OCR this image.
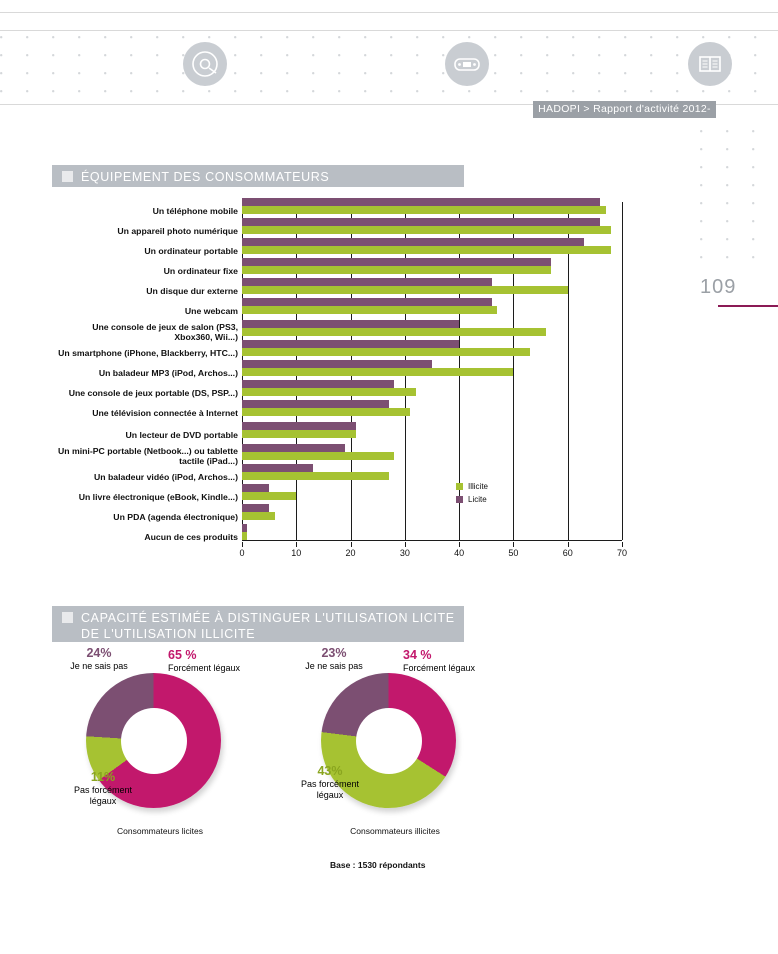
HADOPI > Rapport d'activité 2012-2013
109
ÉQUIPEMENT DES CONSOMMATEURS
Un téléphone mobile
Un appareil photo numérique
Un ordinateur portable
Un ordinateur fixe
Un disque dur externe
Une webcam
Une console de jeux de salon (PS3, Xbox360, Wii...)
Un smartphone (iPhone, Blackberry, HTC...)
Un baladeur MP3 (iPod, Archos...)
Une console de jeux portable (DS, PSP...)
Une télévision connectée à Internet
Un lecteur de DVD portable
Un mini-PC portable (Netbook...) ou tablette tactile (iPad...)
Un baladeur vidéo (iPod, Archos...)
Un livre électronique (eBook, Kindle...)
Un PDA (agenda électronique)
Aucun de ces produits
0	10	20	30	40	50	60	70
Illicite
Licite
CAPACITÉ ESTIMÉE À DISTINGUER L'UTILISATION LICITE
DE L'UTILISATION ILLICITE
24%
Je ne sais pas
65 %
Forcément légaux
11%
Pas forcément
légaux
Consommateurs licites
23%
Je ne sais pas
34 %
Forcément légaux
43%
Pas forcément
légaux
Consommateurs illicites
Base : 1530 répondants
